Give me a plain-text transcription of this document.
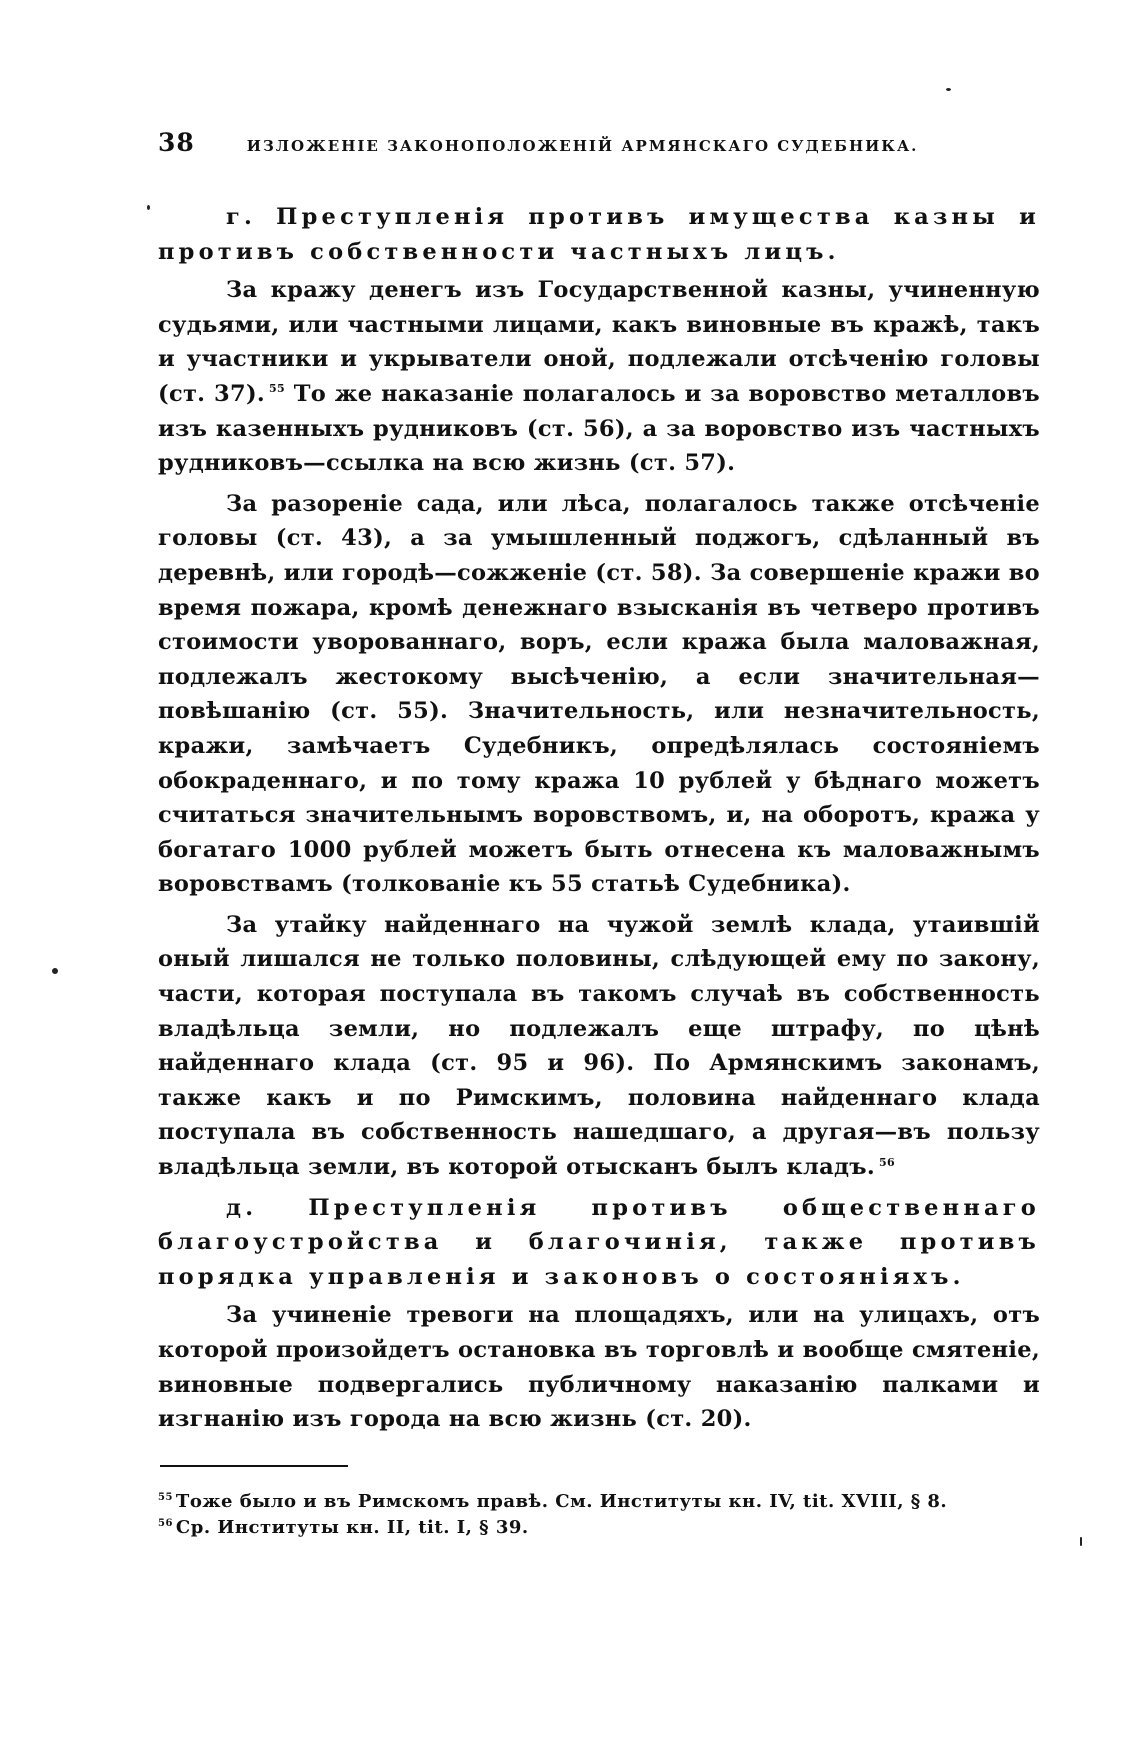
38	ИЗЛОЖЕНІЕ ЗАКОНОПОЛОЖЕНІЙ АРМЯНСКАГО СУДЕБНИКА.

г. Преступленія противъ имущества казны и противъ собственности частныхъ лицъ.

За кражу денегъ изъ Государственной казны, учиненную судьями, или частными лицами, какъ виновные въ кражѣ, такъ и участники и укрыватели оной, подлежали отсѣченію головы (ст. 37). $^{55}$ То же наказаніе полагалось и за воровство металловъ изъ казенныхъ рудниковъ (ст. 56), а за воровство изъ частныхъ рудниковъ—ссылка на всю жизнь (ст. 57).

За разореніе сада, или лѣса, полагалось также отсѣченіе головы (ст. 43), а за умышленный поджогъ, сдѣланный въ деревнѣ, или городѣ—сожженіе (ст. 58). За совершеніе кражи во время пожара, кромѣ денежнаго взысканія въ четверо противъ стоимости уворованнаго, воръ, если кража была маловажная, подлежалъ жестокому высѣченію, а если значительная—повѣшанію (ст. 55). Значительность, или незначительность, кражи, замѣчаетъ Судебникъ, опредѣлялась состояніемъ обокраденнаго, и по тому кража 10 рублей у бѣднаго можетъ считаться значительнымъ воровствомъ, и, на оборотъ, кража у богатаго 1000 рублей можетъ быть отнесена къ маловажнымъ воровствамъ (толкованіе къ 55 статьѣ Судебника).

За утайку найденнаго на чужой землѣ клада, утаившій оный лишался не только половины, слѣдующей ему по закону, части, которая поступала въ такомъ случаѣ въ собственность владѣльца земли, но подлежалъ еще штрафу, по цѣнѣ найденнаго клада (ст. 95 и 96). По Армянскимъ законамъ, также какъ и по Римскимъ, половина найденнаго клада поступала въ собственность нашедшаго, а другая—въ пользу владѣльца земли, въ которой отысканъ былъ кладъ. $^{56}$

д. Преступленія противъ общественнаго благоустройства и благочинія, также противъ порядка управленія и законовъ о состояніяхъ.

За учиненіе тревоги на площадяхъ, или на улицахъ, отъ которой произойдетъ остановка въ торговлѣ и вообще смятеніе, виновные подвергались публичному наказанію палками и изгнанію изъ города на всю жизнь (ст. 20).

$^{55}$ Тоже было и въ Римскомъ правѣ. См. Институты кн. IV, tit. XVIII, § 8.
$^{56}$ Ср. Институты кн. II, tit. I, § 39.
